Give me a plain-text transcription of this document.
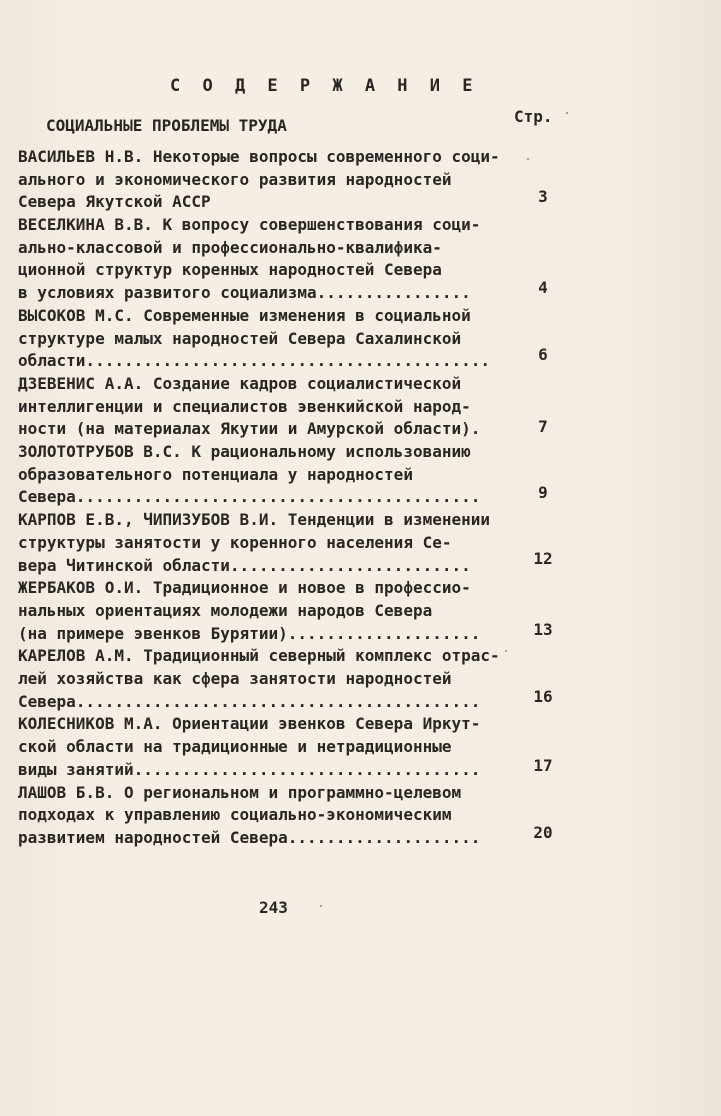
С О Д Е Р Ж А Н И Е
СОЦИАЛЬНЫЕ ПРОБЛЕМЫ ТРУДА	Стр.
ВАСИЛЬЕВ Н.В. Некоторые вопросы современного соци-
ального и экономического развития народностей
Севера Якутской АССР	3
ВЕСЕЛКИНА В.В. К вопросу совершенствования соци-
ально-классовой и профессионально-квалифика-
ционной структур коренных народностей Севера
в условиях развитого социализма................	4
ВЫСОКОВ М.С. Современные изменения в социальной
структуре малых народностей Севера Сахалинской
области..........................................	6
ДЗЕВЕНИС А.А. Создание кадров социалистической
интеллигенции и специалистов эвенкийской народ-
ности (на материалах Якутии и Амурской области).	7
ЗОЛОТОТРУБОВ В.С. К рациональному использованию
образовательного потенциала у народностей
Севера..........................................	9
КАРПОВ Е.В., ЧИПИЗУБОВ В.И. Тенденции в изменении
структуры занятости у коренного населения Се-
вера Читинской области.........................	12
ЖЕРБАКОВ О.И. Традиционное и новое в профессио-
нальных ориентациях молодежи народов Севера
(на примере эвенков Бурятии)....................	13
КАРЕЛОВ А.М. Традиционный северный комплекс отрас-
лей хозяйства как сфера занятости народностей
Севера..........................................	16
КОЛЕСНИКОВ М.А. Ориентации эвенков Севера Иркут-
ской области на традиционные и нетрадиционные
виды занятий....................................	17
ЛАШОВ Б.В. О региональном и программно-целевом
подходах к управлению социально-экономическим
развитием народностей Севера....................	20
243
